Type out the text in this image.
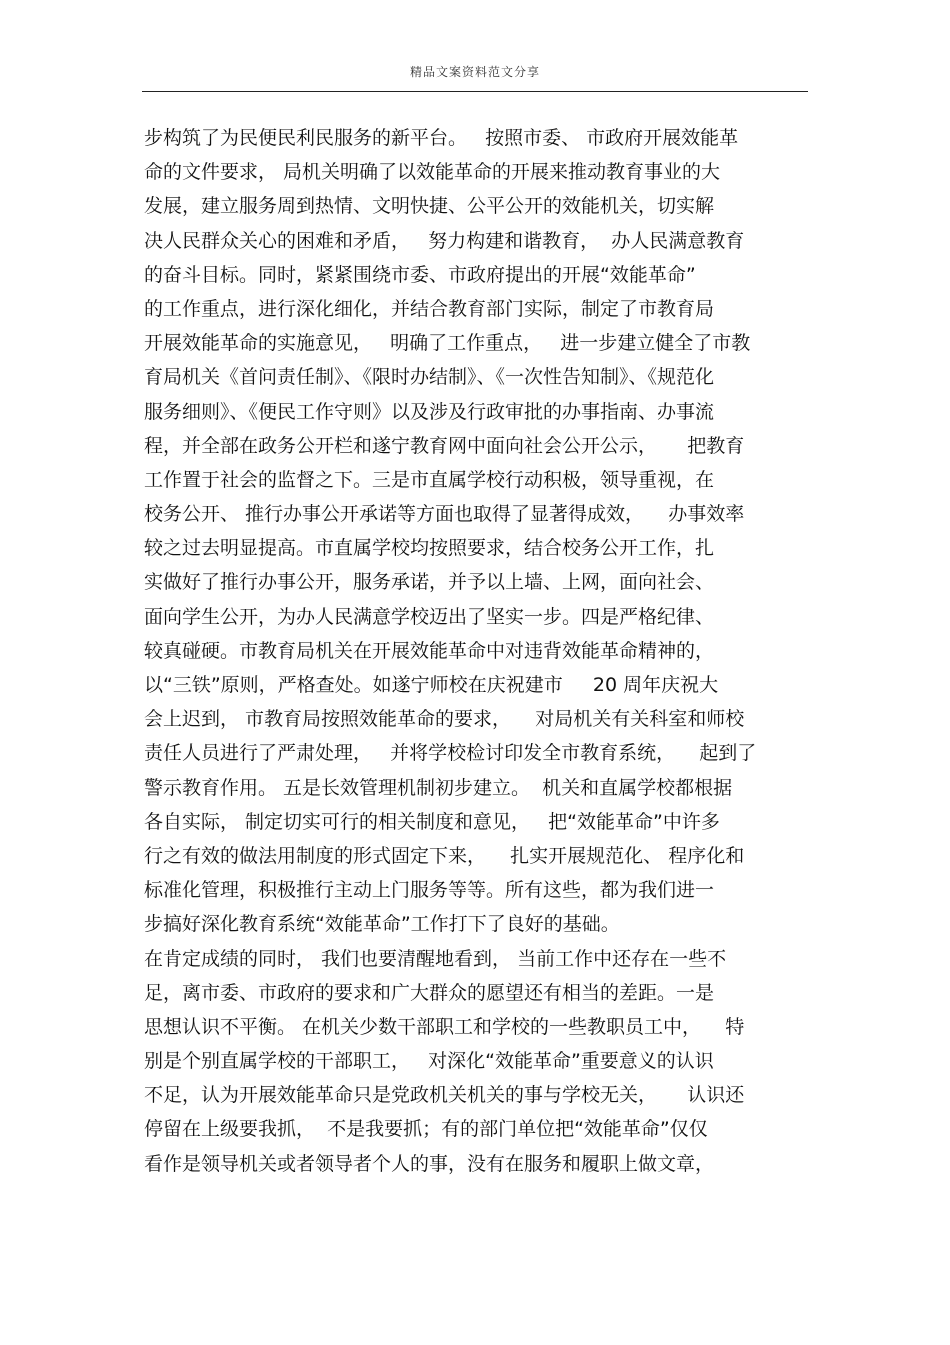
精品文案资料范文分享
步构筑了为民便民利民服务的新平台。   按照市委、 市政府开展效能革
命的文件要求， 局机关明确了以效能革命的开展来推动教育事业的大
发展，建立服务周到热情、文明快捷、公平公开的效能机关，切实解
决人民群众关心的困难和矛盾，   努力构建和谐教育，  办人民满意教育
的奋斗目标。同时，紧紧围绕市委、市政府提出的开展“效能革命”
的工作重点，进行深化细化，并结合教育部门实际，制定了市教育局
开展效能革命的实施意见，   明确了工作重点，   进一步建立健全了市教
育局机关《首问责任制》、《限时办结制》、《一次性告知制》、《规范化
服务细则》、《便民工作守则》以及涉及行政审批的办事指南、办事流
程，并全部在政务公开栏和遂宁教育网中面向社会公开公示，     把教育
工作置于社会的监督之下。三是市直属学校行动积极，领导重视，在
校务公开、 推行办事公开承诺等方面也取得了显著得成效，    办事效率
较之过去明显提高。市直属学校均按照要求，结合校务公开工作，扎
实做好了推行办事公开，服务承诺，并予以上墙、上网，面向社会、
面向学生公开，为办人民满意学校迈出了坚实一步。四是严格纪律、
较真碰硬。市教育局机关在开展效能革命中对违背效能革命精神的，
以“三铁”原则，严格查处。如遂宁师校在庆祝建市     20 周年庆祝大
会上迟到， 市教育局按照效能革命的要求，    对局机关有关科室和师校
责任人员进行了严肃处理，   并将学校检讨印发全市教育系统，    起到了
警示教育作用。 五是长效管理机制初步建立。  机关和直属学校都根据
各自实际， 制定切实可行的相关制度和意见，   把“效能革命”中许多
行之有效的做法用制度的形式固定下来，    扎实开展规范化、 程序化和
标准化管理，积极推行主动上门服务等等。所有这些，都为我们进一
步搞好深化教育系统“效能革命”工作打下了良好的基础。
在肯定成绩的同时， 我们也要清醒地看到， 当前工作中还存在一些不
足，离市委、市政府的要求和广大群众的愿望还有相当的差距。一是
思想认识不平衡。 在机关少数干部职工和学校的一些教职员工中，    特
别是个别直属学校的干部职工，   对深化“效能革命”重要意义的认识
不足，认为开展效能革命只是党政机关机关的事与学校无关，     认识还
停留在上级要我抓，  不是我要抓；有的部门单位把“效能革命”仅仅
看作是领导机关或者领导者个人的事，没有在服务和履职上做文章，
